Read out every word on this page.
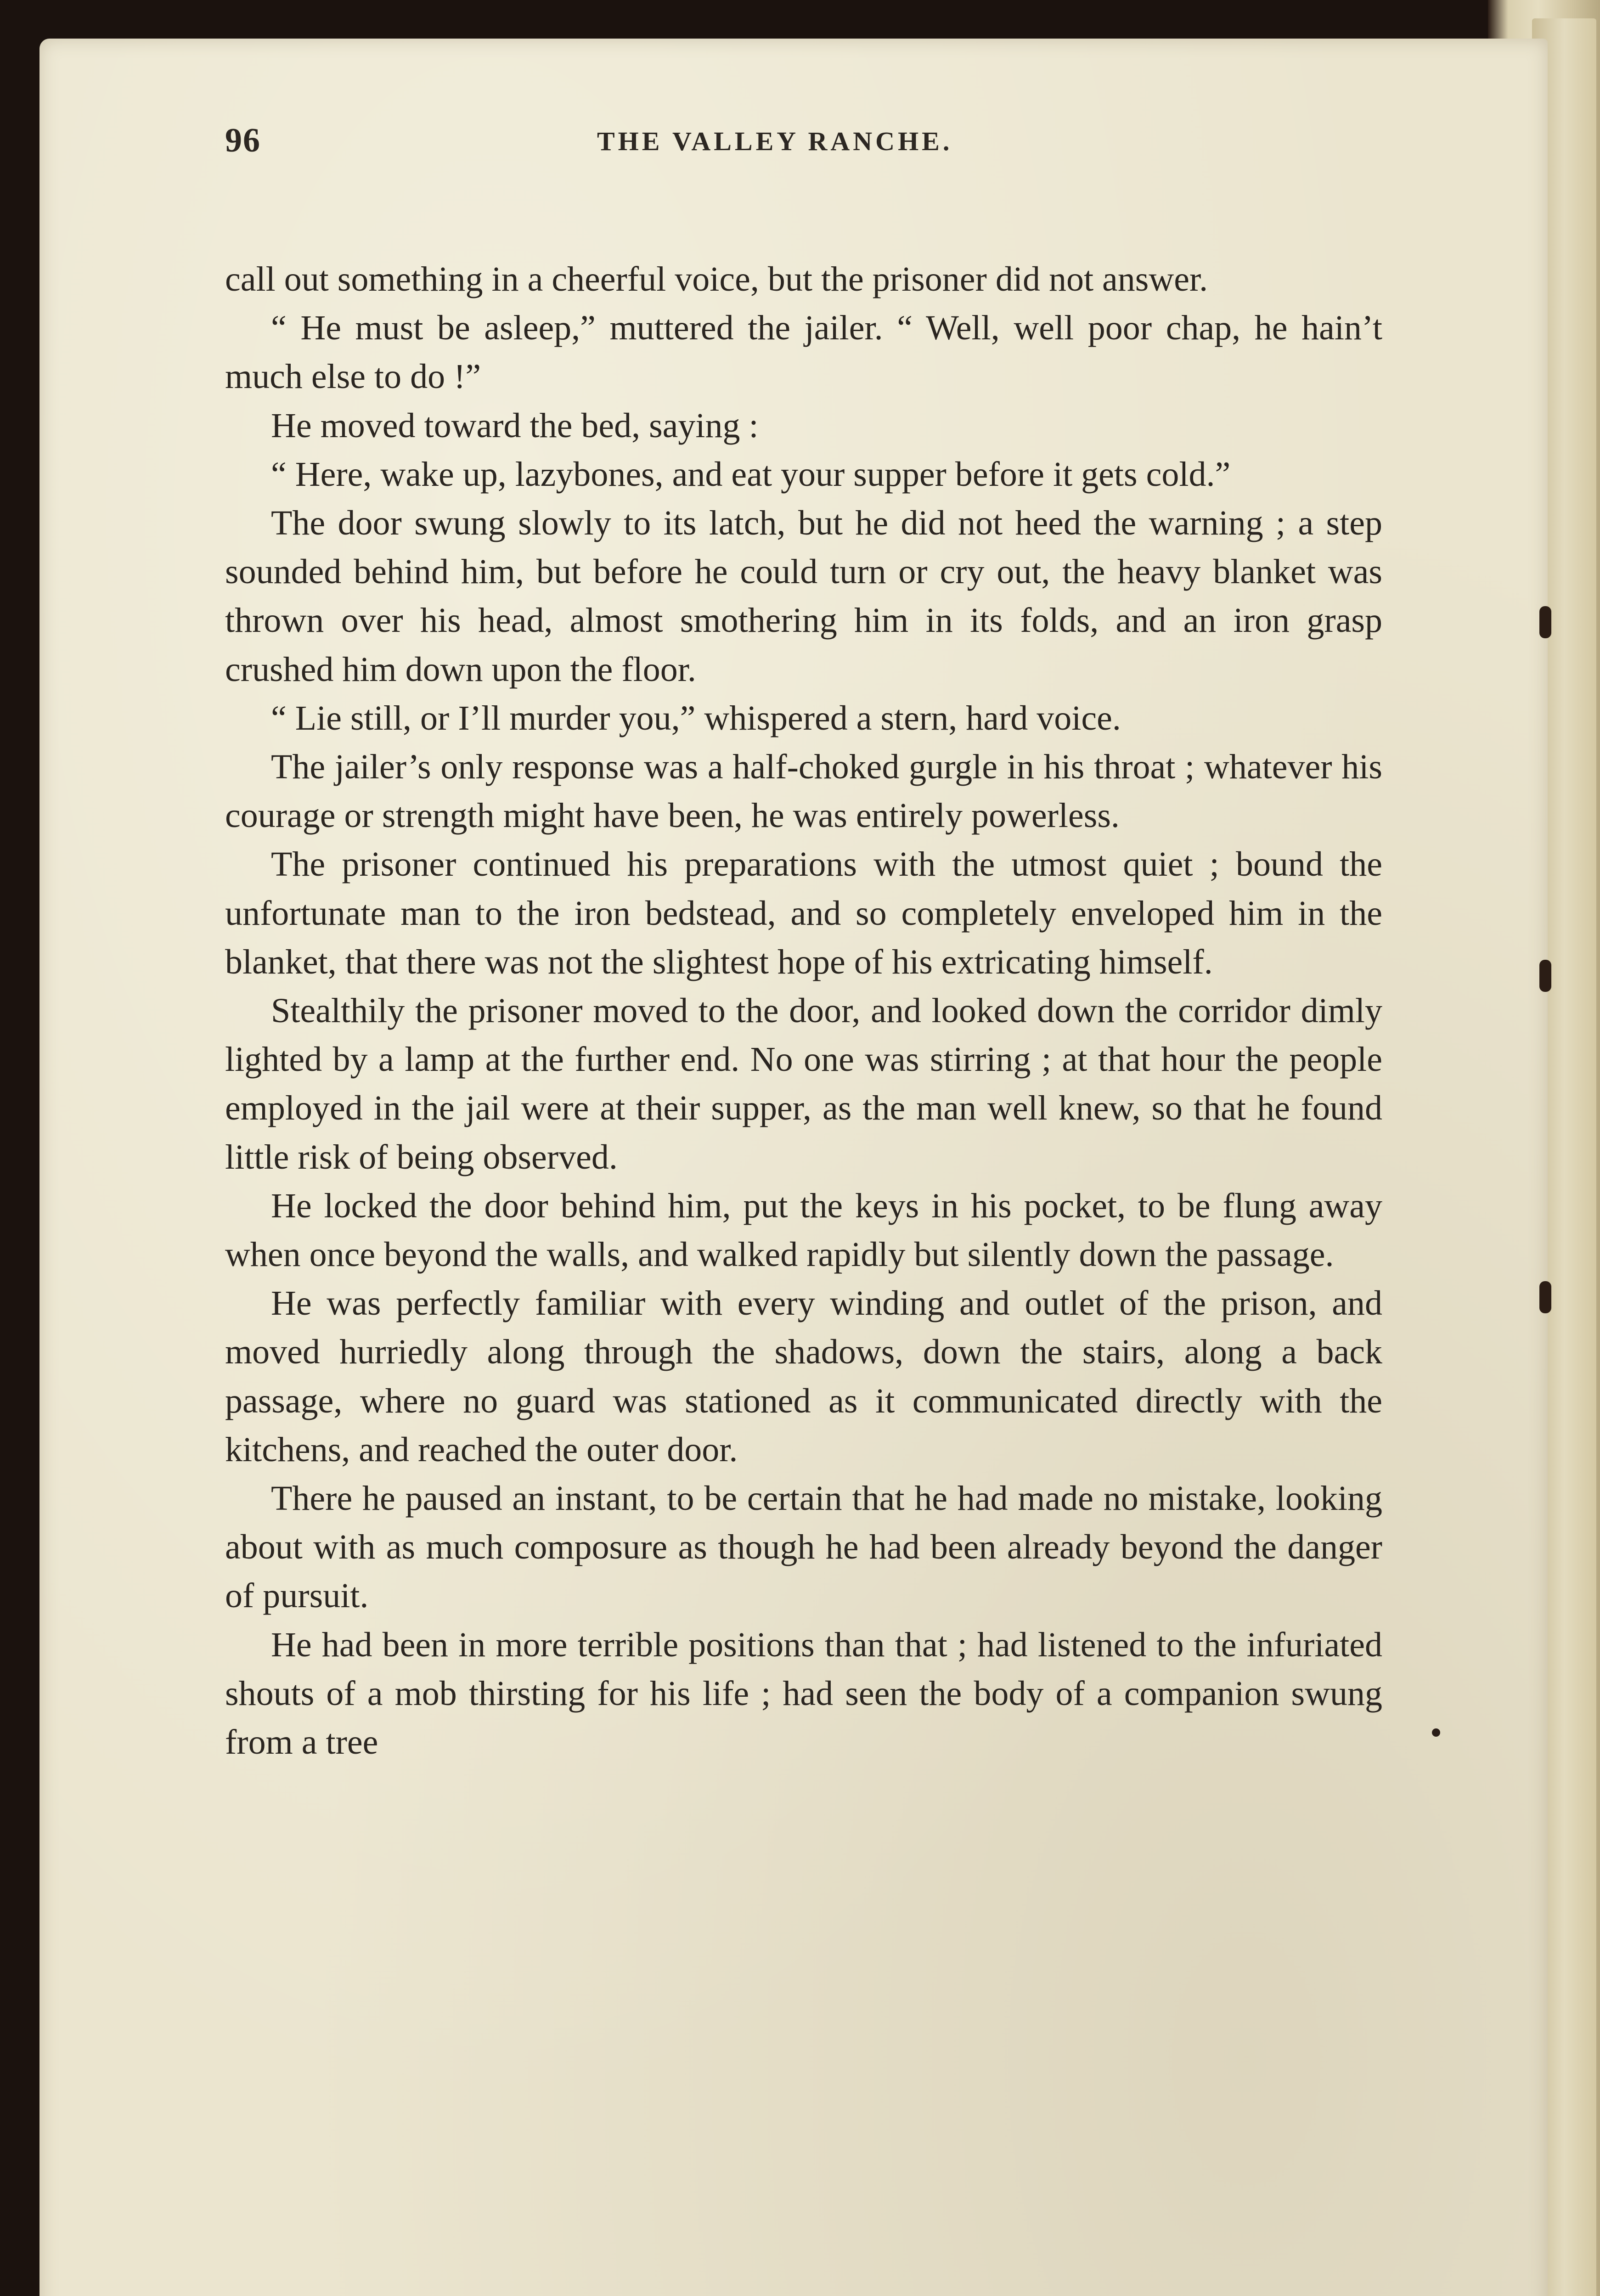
96	THE VALLEY RANCHE.

call out something in a cheerful voice, but the prisoner did not answer.

“ He must be asleep,” muttered the jailer. “ Well, well poor chap, he hain’t much else to do !”

He moved toward the bed, saying :

“ Here, wake up, lazybones, and eat your supper before it gets cold.”

The door swung slowly to its latch, but he did not heed the warning ; a step sounded behind him, but before he could turn or cry out, the heavy blanket was thrown over his head, almost smothering him in its folds, and an iron grasp crushed him down upon the floor.

“ Lie still, or I’ll murder you,” whispered a stern, hard voice.

The jailer’s only response was a half-choked gurgle in his throat ; whatever his courage or strength might have been, he was entirely powerless.

The prisoner continued his preparations with the utmost quiet ; bound the unfortunate man to the iron bedstead, and so completely enveloped him in the blanket, that there was not the slightest hope of his extricating himself.

Stealthily the prisoner moved to the door, and looked down the corridor dimly lighted by a lamp at the further end. No one was stirring ; at that hour the people employed in the jail were at their supper, as the man well knew, so that he found little risk of being observed.

He locked the door behind him, put the keys in his pocket, to be flung away when once beyond the walls, and walked rapidly but silently down the passage.

He was perfectly familiar with every winding and outlet of the prison, and moved hurriedly along through the shadows, down the stairs, along a back passage, where no guard was stationed as it communicated directly with the kitchens, and reached the outer door.

There he paused an instant, to be certain that he had made no mistake, looking about with as much composure as though he had been already beyond the danger of pursuit.

He had been in more terrible positions than that ; had listened to the infuriated shouts of a mob thirsting for his life ; had seen the body of a companion swung from a tree
